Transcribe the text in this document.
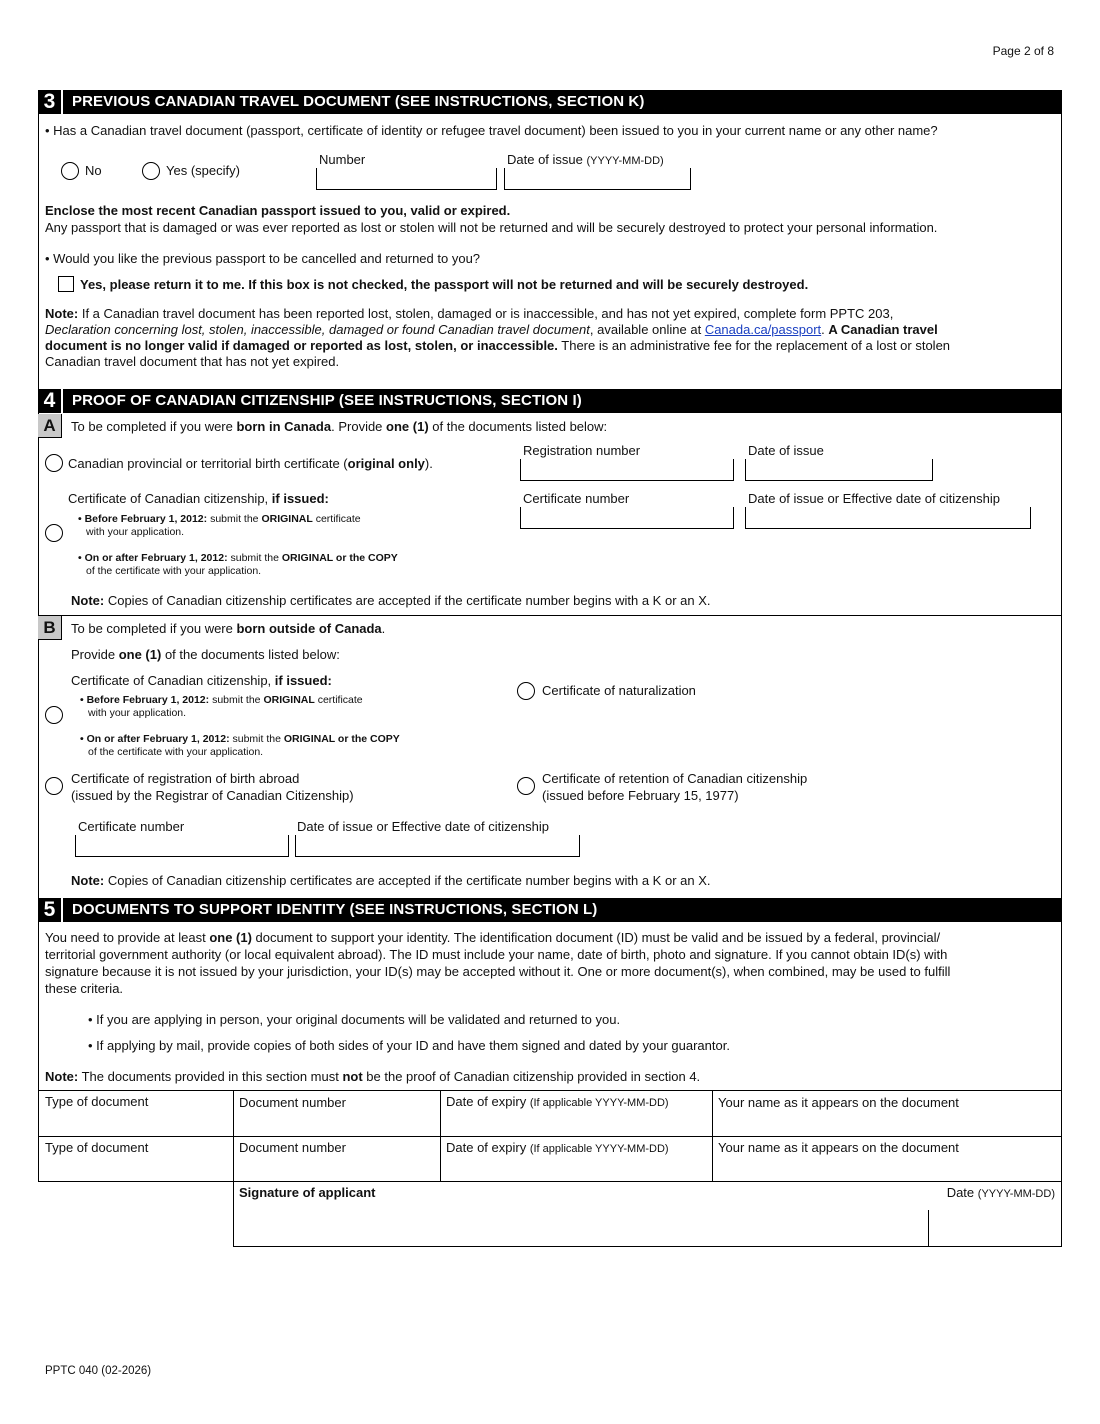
Page 2 of 8
3	PREVIOUS CANADIAN TRAVEL DOCUMENT (SEE INSTRUCTIONS, SECTION K)
• Has a Canadian travel document (passport, certificate of identity or refugee travel document) been issued to you in your current name or any other name?
No	Yes (specify)
Number	Date of issue (YYYY-MM-DD)
Enclose the most recent Canadian passport issued to you, valid or expired.
Any passport that is damaged or was ever reported as lost or stolen will not be returned and will be securely destroyed to protect your personal information.
• Would you like the previous passport to be cancelled and returned to you?
Yes, please return it to me. If this box is not checked, the passport will not be returned and will be securely destroyed.
Note: If a Canadian travel document has been reported lost, stolen, damaged or is inaccessible, and has not yet expired, complete form PPTC 203,
Declaration concerning lost, stolen, inaccessible, damaged or found Canadian travel document, available online at Canada.ca/passport. A Canadian travel
document is no longer valid if damaged or reported as lost, stolen, or inaccessible. There is an administrative fee for the replacement of a lost or stolen
Canadian travel document that has not yet expired.
4	PROOF OF CANADIAN CITIZENSHIP (SEE INSTRUCTIONS, SECTION I)
A	To be completed if you were born in Canada. Provide one (1) of the documents listed below:
Canadian provincial or territorial birth certificate (original only).
Registration number	Date of issue
Certificate of Canadian citizenship, if issued:
• Before February 1, 2012: submit the ORIGINAL certificate
with your application.

• On or after February 1, 2012: submit the ORIGINAL or the COPY
of the certificate with your application.
Certificate number	Date of issue or Effective date of citizenship
Note: Copies of Canadian citizenship certificates are accepted if the certificate number begins with a K or an X.
B	To be completed if you were born outside of Canada.
Provide one (1) of the documents listed below:
Certificate of Canadian citizenship, if issued:
• Before February 1, 2012: submit the ORIGINAL certificate
with your application.

• On or after February 1, 2012: submit the ORIGINAL or the COPY
of the certificate with your application.
Certificate of naturalization
Certificate of registration of birth abroad
(issued by the Registrar of Canadian Citizenship)
Certificate of retention of Canadian citizenship
(issued before February 15, 1977)
Certificate number	Date of issue or Effective date of citizenship
Note: Copies of Canadian citizenship certificates are accepted if the certificate number begins with a K or an X.
5	DOCUMENTS TO SUPPORT IDENTITY (SEE INSTRUCTIONS, SECTION L)
You need to provide at least one (1) document to support your identity. The identification document (ID) must be valid and be issued by a federal, provincial/
territorial government authority (or local equivalent abroad). The ID must include your name, date of birth, photo and signature. If you cannot obtain ID(s) with
signature because it is not issued by your jurisdiction, your ID(s) may be accepted without it. One or more document(s), when combined, may be used to fulfill
these criteria.
• If you are applying in person, your original documents will be validated and returned to you.
• If applying by mail, provide copies of both sides of your ID and have them signed and dated by your guarantor.
Note: The documents provided in this section must not be the proof of Canadian citizenship provided in section 4.
Type of document	Document number	Date of expiry (If applicable YYYY-MM-DD)	Your name as it appears on the document
Type of document	Document number	Date of expiry (If applicable YYYY-MM-DD)	Your name as it appears on the document
Signature of applicant	Date (YYYY-MM-DD)
PPTC 040 (02-2026)
